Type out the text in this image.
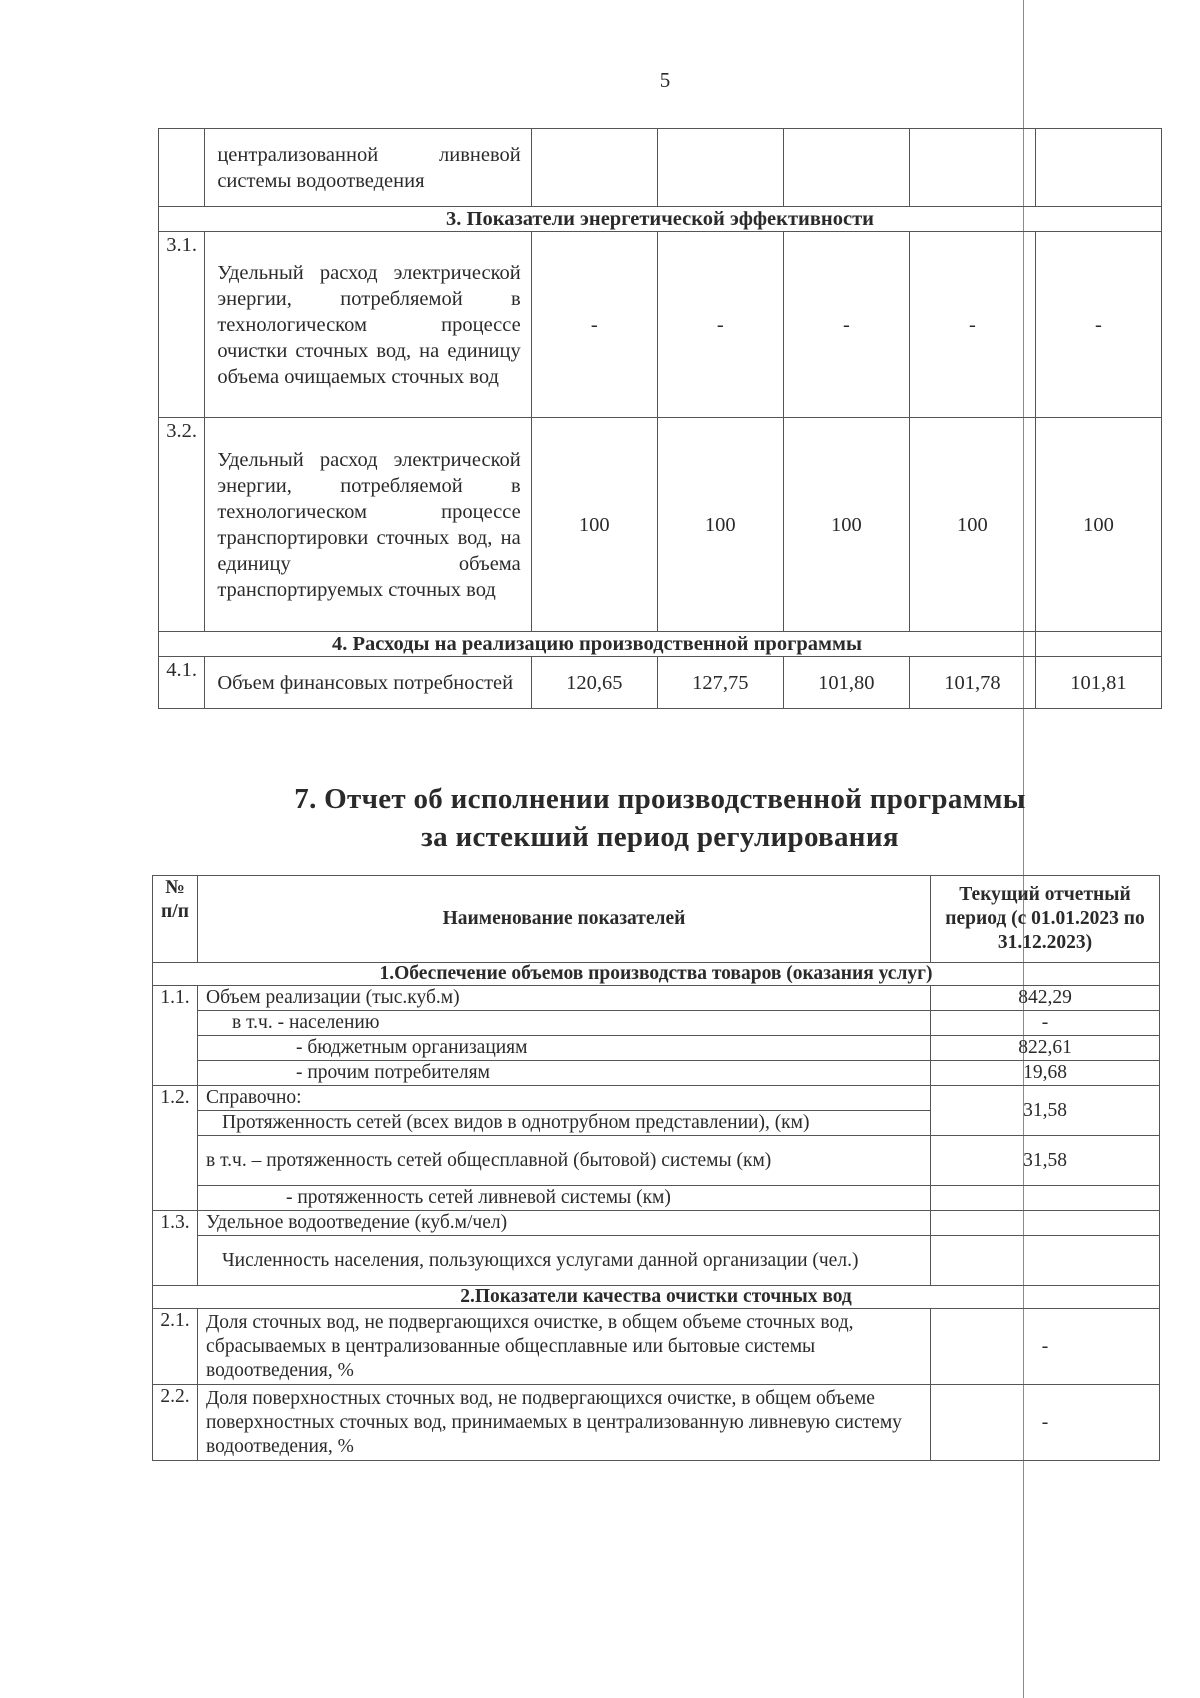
5
	централизованной ливневой системы водоотведения					
3. Показатели энергетической эффективности						
3.1.	Удельный расход электрической энергии, потребляемой в технологическом процессе очистки сточных вод, на единицу объема очищаемых сточных вод	-	-	-	-	-
3.2.	Удельный расход электрической энергии, потребляемой в технологическом процессе транспортировки сточных вод, на единицу объема транспортируемых сточных вод	100	100	100	100	100
4. Расходы на реализацию производственной программы						
4.1.	Объем финансовых потребностей	120,65	127,75	101,80	101,78	101,81
7. Отчет об исполнении производственной программы
за истекший период регулирования
№ п/п	Наименование показателей	Текущий отчетный период (с 01.01.2023 по 31.12.2023)
1.Обеспечение объемов производства товаров (оказания услуг)		
1.1.	Объем реализации (тыс.куб.м)	842,29
	в т.ч. - населению	-
	- бюджетным организациям	822,61
	- прочим потребителям	19,68
1.2.	Справочно:	31,58
	Протяженность сетей (всех видов в однотрубном представлении), (км)	
	в т.ч. – протяженность сетей общесплавной (бытовой) системы (км)	31,58
	- протяженность сетей ливневой системы (км)	
1.3.	Удельное водоотведение (куб.м/чел)	
	Численность населения, пользующихся услугами данной организации (чел.)	
2.Показатели качества очистки сточных вод		
2.1.	Доля сточных вод, не подвергающихся очистке, в общем объеме сточных вод, сбрасываемых в централизованные общесплавные или бытовые системы водоотведения, %	-
2.2.	Доля поверхностных сточных вод, не подвергающихся очистке, в общем объеме поверхностных сточных вод, принимаемых в централизованную ливневую систему водоотведения, %	-
